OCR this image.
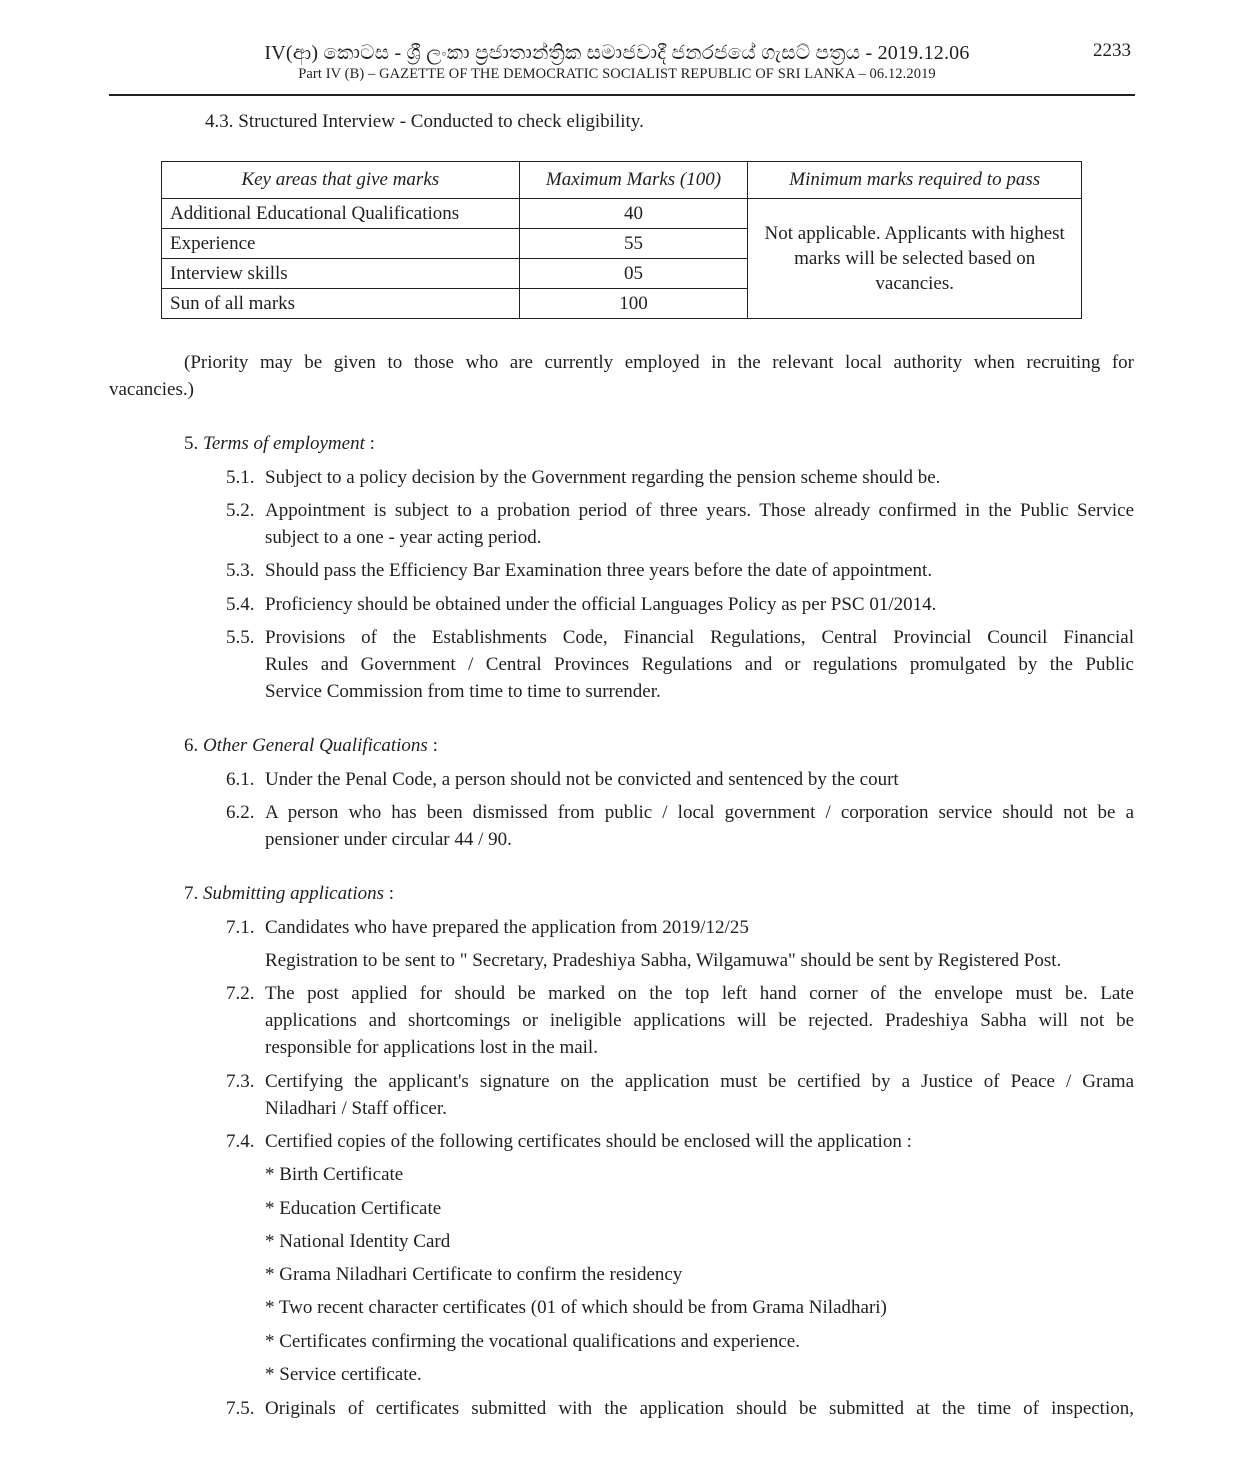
IV(ආ) කොටස - ශ්‍රී ලංකා ප්‍රජාතාන්ත්‍රික සමාජවාදී ජනරජයේ ගැසට් පත්‍රය - 2019.12.06
Part IV (B) – GAZETTE OF THE DEMOCRATIC SOCIALIST REPUBLIC OF SRI LANKA – 06.12.2019
2233
4.3. Structured Interview - Conducted to check eligibility.
Key areas that give marks	Maximum Marks (100)	Minimum marks required to pass
Additional Educational Qualifications	40	Not applicable. Applicants with highest marks will be selected based on vacancies.
Experience	55	
Interview skills	05	
Sun of all marks	100	
(Priority may be given to those who are currently employed in the relevant local authority when recruiting for
vacancies.)
5. Terms of employment :
5.1. Subject to a policy decision by the Government regarding the pension scheme should be.
5.2. Appointment is subject to a probation period of three years. Those already confirmed in the Public Service
subject to a one - year acting period.
5.3. Should pass the Efficiency Bar Examination three years before the date of appointment.
5.4. Proficiency should be obtained under the official Languages Policy as per PSC 01/2014.
5.5. Provisions of the Establishments Code, Financial Regulations, Central Provincial Council Financial
Rules and Government / Central Provinces Regulations and or regulations promulgated by the Public
Service Commission from time to time to surrender.
6. Other General Qualifications :
6.1. Under the Penal Code, a person should not be convicted and sentenced by the court
6.2. A person who has been dismissed from public / local government / corporation service should not be a
pensioner under circular 44 / 90.
7. Submitting applications :
7.1. Candidates who have prepared the application from 2019/12/25
Registration to be sent to " Secretary, Pradeshiya Sabha, Wilgamuwa" should be sent by Registered Post.
7.2. The post applied for should be marked on the top left hand corner of the envelope must be. Late
applications and shortcomings or ineligible applications will be rejected. Pradeshiya Sabha will not be
responsible for applications lost in the mail.
7.3. Certifying the applicant's signature on the application must be certified by a Justice of Peace / Grama
Niladhari / Staff officer.
7.4. Certified copies of the following certificates should be enclosed will the application :
* Birth Certificate
* Education Certificate
* National Identity Card
* Grama Niladhari Certificate to confirm the residency
* Two recent character certificates (01 of which should be from Grama Niladhari)
* Certificates confirming the vocational qualifications and experience.
* Service certificate.
7.5. Originals of certificates submitted with the application should be submitted at the time of inspection,
